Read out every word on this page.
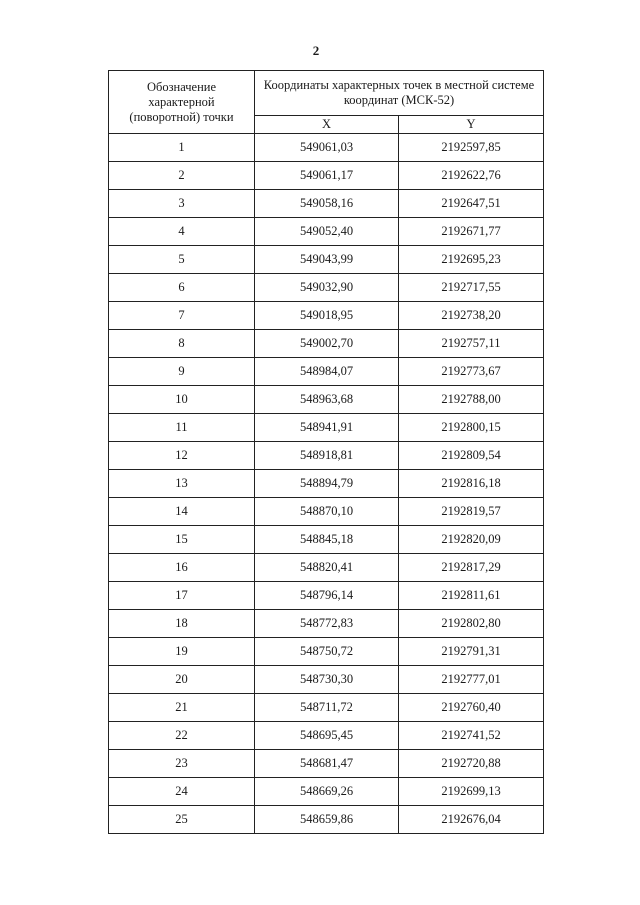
2
Обозначение
характерной
(поворотной) точки	Координаты характерных точек в местной системе координат (МСК-52)	
	X	Y
1	549061,03	2192597,85
2	549061,17	2192622,76
3	549058,16	2192647,51
4	549052,40	2192671,77
5	549043,99	2192695,23
6	549032,90	2192717,55
7	549018,95	2192738,20
8	549002,70	2192757,11
9	548984,07	2192773,67
10	548963,68	2192788,00
11	548941,91	2192800,15
12	548918,81	2192809,54
13	548894,79	2192816,18
14	548870,10	2192819,57
15	548845,18	2192820,09
16	548820,41	2192817,29
17	548796,14	2192811,61
18	548772,83	2192802,80
19	548750,72	2192791,31
20	548730,30	2192777,01
21	548711,72	2192760,40
22	548695,45	2192741,52
23	548681,47	2192720,88
24	548669,26	2192699,13
25	548659,86	2192676,04
